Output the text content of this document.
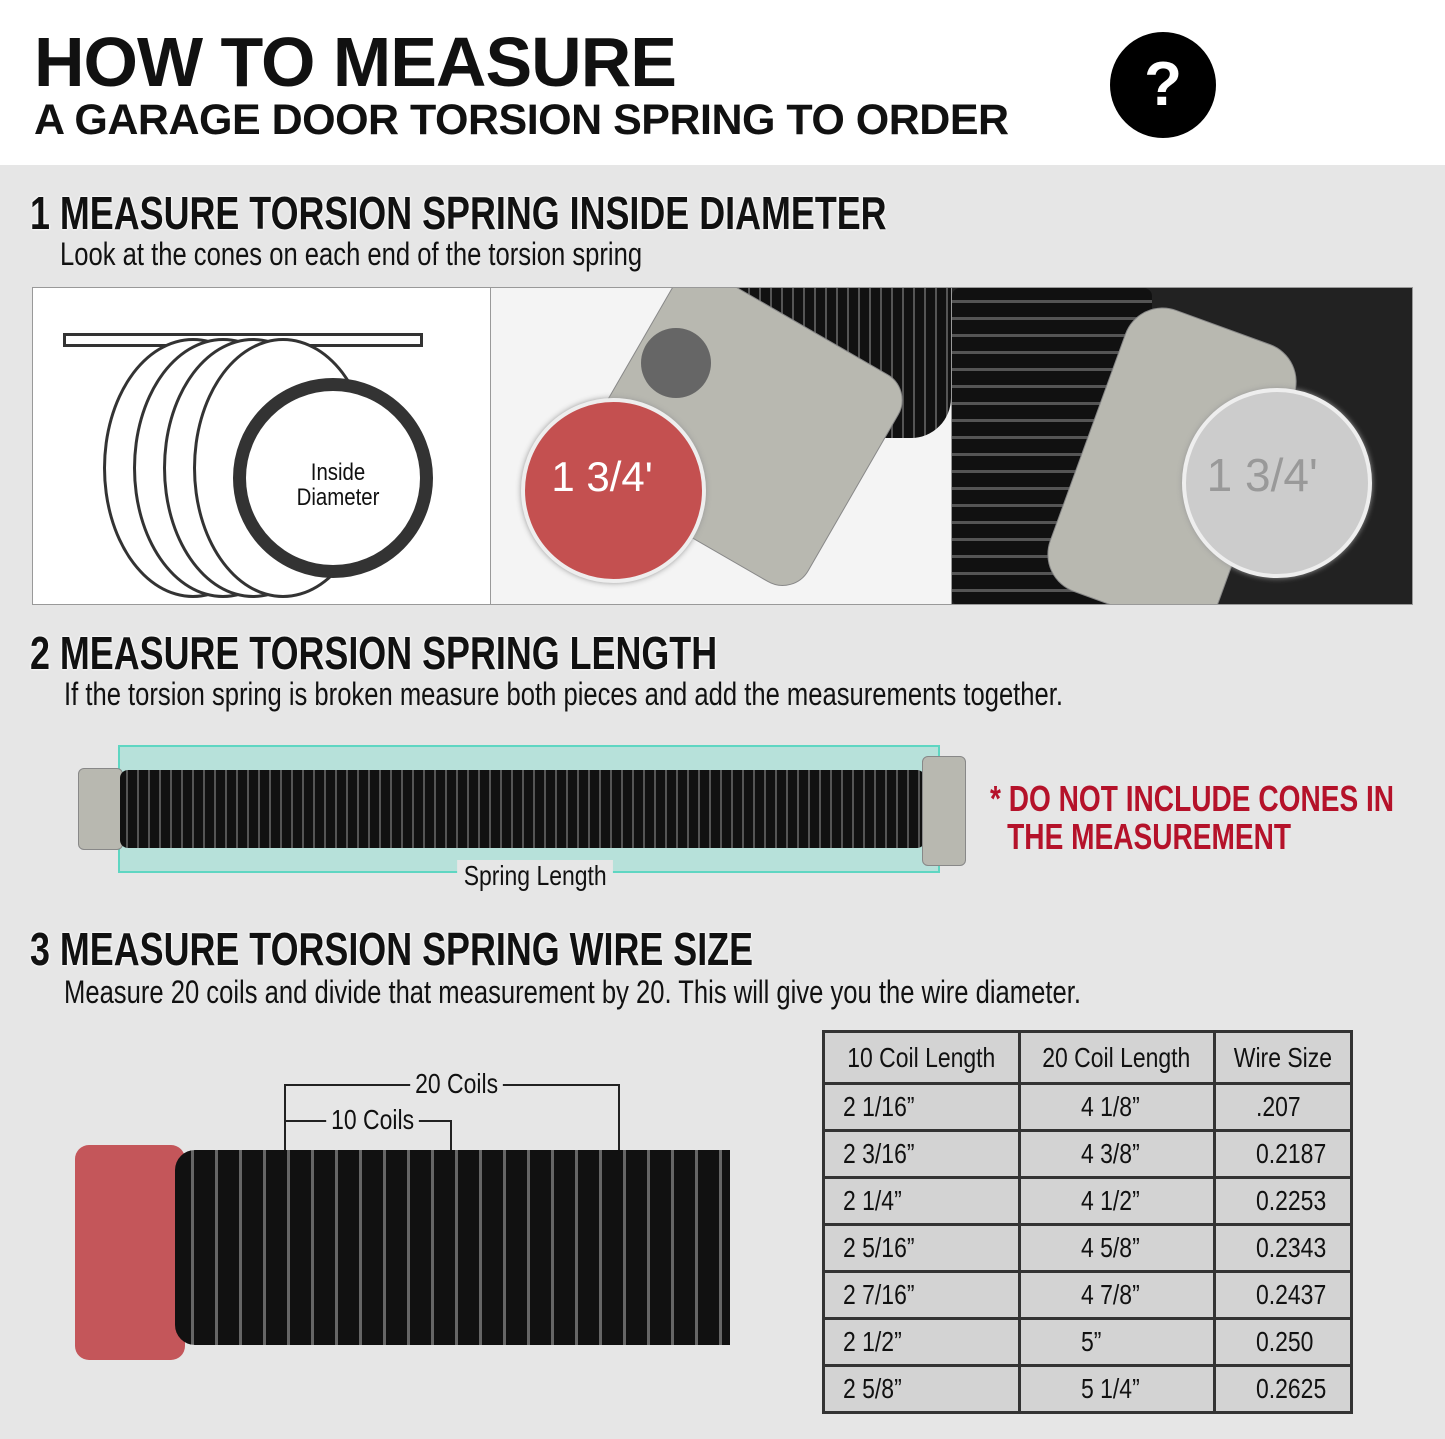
HOW TO MEASURE
A GARAGE DOOR TORSION SPRING TO ORDER
?
1 MEASURE TORSION SPRING INSIDE DIAMETER
Look at the cones on each end of the torsion spring
Inside
Diameter	1 3/4'	1 3/4'
2 MEASURE TORSION SPRING LENGTH
If the torsion spring is broken measure both pieces and add the measurements together.
Spring Length
* DO NOT INCLUDE CONES IN
THE MEASUREMENT
3 MEASURE TORSION SPRING WIRE SIZE
Measure 20 coils and divide that measurement by 20. This will give you the wire diameter.
20 Coils
10 Coils
10 Coil Length	20 Coil Length	Wire Size
2 1/16”	4 1/8”	.207
2 3/16”	4 3/8”	0.2187
2 1/4”	4 1/2”	0.2253
2 5/16”	4 5/8”	0.2343
2 7/16”	4 7/8”	0.2437
2 1/2”	5”	0.250
2 5/8”	5 1/4”	0.2625
